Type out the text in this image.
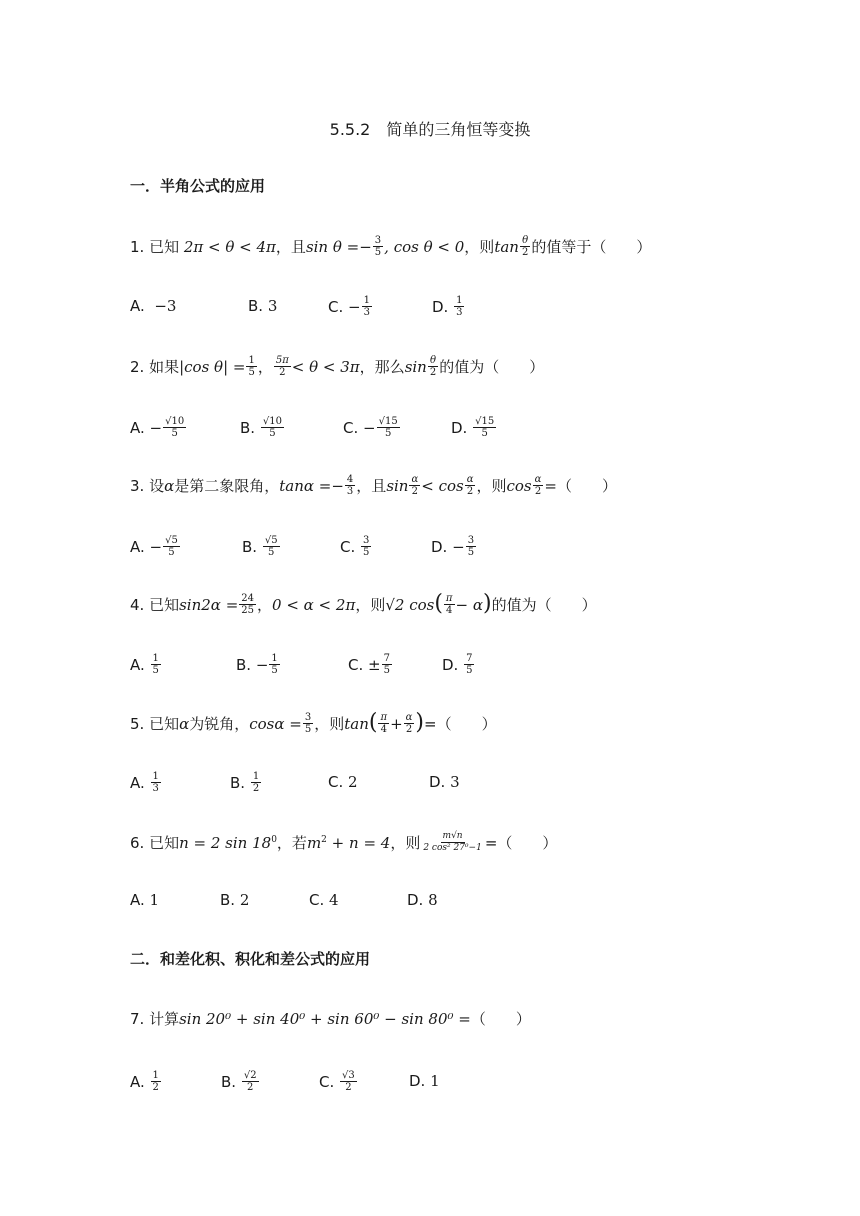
5.5.2　简单的三角恒等变换
一．半角公式的应用
1. 已知 2π < θ < 4π，且$\sin \theta =- \frac{3}{5}$ , cos θ < 0，则$\tan \frac{\theta}{2}$ 的值等于（　　）
A. −3	B. 3	C. − $\frac{1}{3}$	D. $\frac{1}{3}$
2. 如果|cos $\theta| = \frac{1}{5}$ ， $\frac{5\pi}{2} < \theta < 3\pi$，那么$\sin \frac{\theta}{2}$ 的值为（　　）
A. − $\frac{√10}{5}$	B. $\frac{√10}{5}$	C. − $\frac{√15}{5}$	D. $\frac{√15}{5}$
3. 设α是第二象限角，$\tan\alpha =- \frac{4}{3}$ ，且$\sin \frac{\alpha}{2} < \cos \frac{\alpha}{2}$ ，则$\cos \frac{\alpha}{2}$ =（　　）
A. − $\frac{√5}{5}$	B. $\frac{√5}{5}$	C. $\frac{3}{5}$	D. − $\frac{3}{5}$
4. 已知$\sin 2\alpha = \frac{24}{25}$ ，0 < α < 2π，则√2 $\cos( \frac{\pi}{4} - \alpha)$的值为（　　）
A. $\frac{1}{5}$	B. − $\frac{1}{5}$	C. ± $\frac{7}{5}$	D. $\frac{7}{5}$
5. 已知α为锐角，$\cos\alpha = \frac{3}{5}$ ，则$\tan( \frac{\pi}{4} + \frac{\alpha}{2}$ )=（　　）
A. $\frac{1}{3}$	B. $\frac{1}{2}$	C. 2	D. 3
6. 已知n = 2 $\sin 18^0$，若$m^2 + n = 4$，则 $\frac{m√n}{\text{2 cos² 27⁰−1}}$ =（　　）
A. 1	B. 2	C. 4	D. 8
二．和差化积、积化和差公式的应用
7. 计算sin 20⁰ + sin 40⁰ + sin 60⁰ − sin 80⁰ =（　　）
A. $\frac{1}{2}$	B. $\frac{√2}{2}$	C. $\frac{√3}{2}$	D. 1
